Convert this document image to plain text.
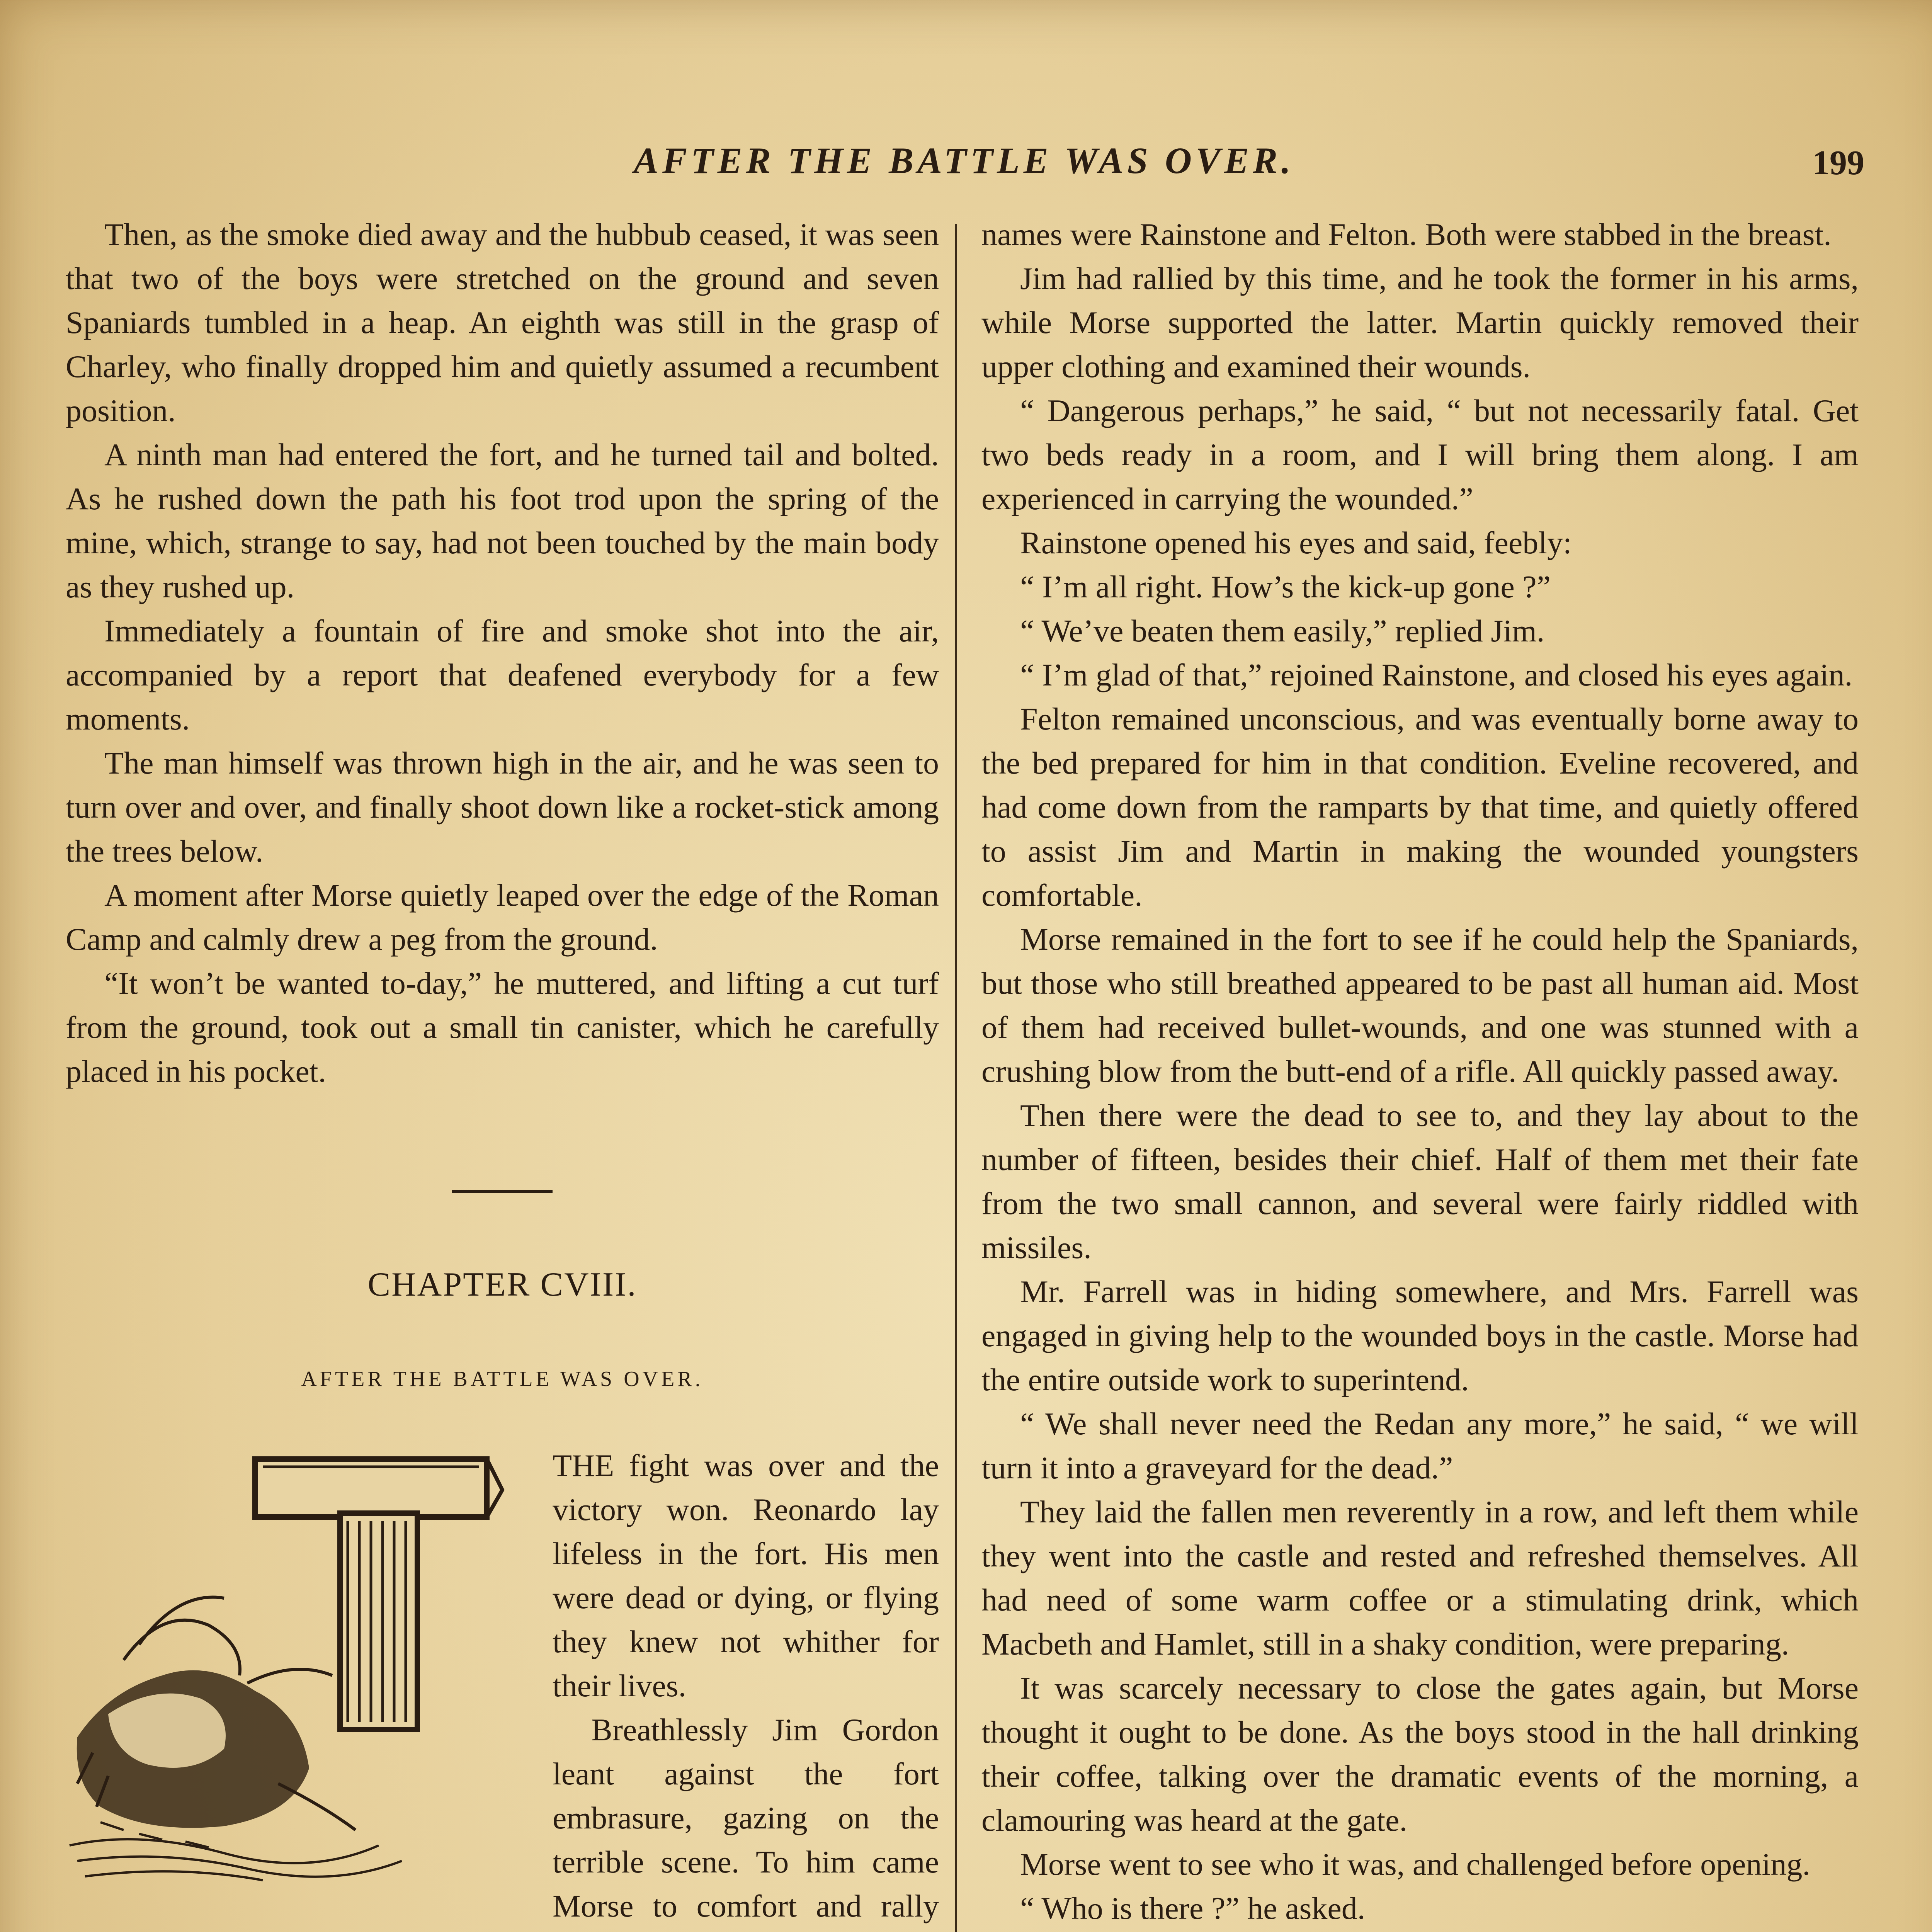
AFTER THE BATTLE WAS OVER.	199

Then, as the smoke died away and the hubbub ceased, it was seen that two of the boys were stretched on the ground and seven Spaniards tumbled in a heap. An eighth was still in the grasp of Charley, who finally dropped him and quietly assumed a recumbent position.

A ninth man had entered the fort, and he turned tail and bolted. As he rushed down the path his foot trod upon the spring of the mine, which, strange to say, had not been touched by the main body as they rushed up.

Immediately a fountain of fire and smoke shot into the air, accompanied by a report that deafened everybody for a few moments.

The man himself was thrown high in the air, and he was seen to turn over and over, and finally shoot down like a rocket-stick among the trees below.

A moment after Morse quietly leaped over the edge of the Roman Camp and calmly drew a peg from the ground.

“It won’t be wanted to-day,” he muttered, and lifting a cut turf from the ground, took out a small tin canister, which he carefully placed in his pocket.

CHAPTER CVIII.
AFTER THE BATTLE WAS OVER.

THE fight was over and the victory won. Reonardo lay lifeless in the fort. His men were dead or dying, or flying they knew not whither for their lives.

Breathlessly Jim Gordon leant against the fort embrasure, gazing on the terrible scene. To him came Morse to comfort and rally

names were Rainstone and Felton. Both were stabbed in the breast.

Jim had rallied by this time, and he took the former in his arms, while Morse supported the latter. Martin quickly removed their upper clothing and examined their wounds.

“ Dangerous perhaps,” he said, “ but not necessarily fatal. Get two beds ready in a room, and I will bring them along. I am experienced in carrying the wounded.”

Rainstone opened his eyes and said, feebly:

“ I’m all right. How’s the kick-up gone ?”

“ We’ve beaten them easily,” replied Jim.

“ I’m glad of that,” rejoined Rainstone, and closed his eyes again.

Felton remained unconscious, and was eventually borne away to the bed prepared for him in that condition. Eveline recovered, and had come down from the ramparts by that time, and quietly offered to assist Jim and Martin in making the wounded youngsters comfortable.

Morse remained in the fort to see if he could help the Spaniards, but those who still breathed appeared to be past all human aid. Most of them had received bullet-wounds, and one was stunned with a crushing blow from the butt-end of a rifle. All quickly passed away.

Then there were the dead to see to, and they lay about to the number of fifteen, besides their chief. Half of them met their fate from the two small cannon, and several were fairly riddled with missiles.

Mr. Farrell was in hiding somewhere, and Mrs. Farrell was engaged in giving help to the wounded boys in the castle. Morse had the entire outside work to superintend.

“ We shall never need the Redan any more,” he said, “ we will turn it into a graveyard for the dead.”

They laid the fallen men reverently in a row, and left them while they went into the castle and rested and refreshed themselves. All had need of some warm coffee or a stimulating drink, which Macbeth and Hamlet, still in a shaky condition, were preparing.

It was scarcely necessary to close the gates again, but Morse thought it ought to be done. As the boys stood in the hall drinking their coffee, talking over the dramatic events of the morning, a clamouring was heard at the gate.

Morse went to see who it was, and challenged before opening.

“ Who is there ?” he asked.
